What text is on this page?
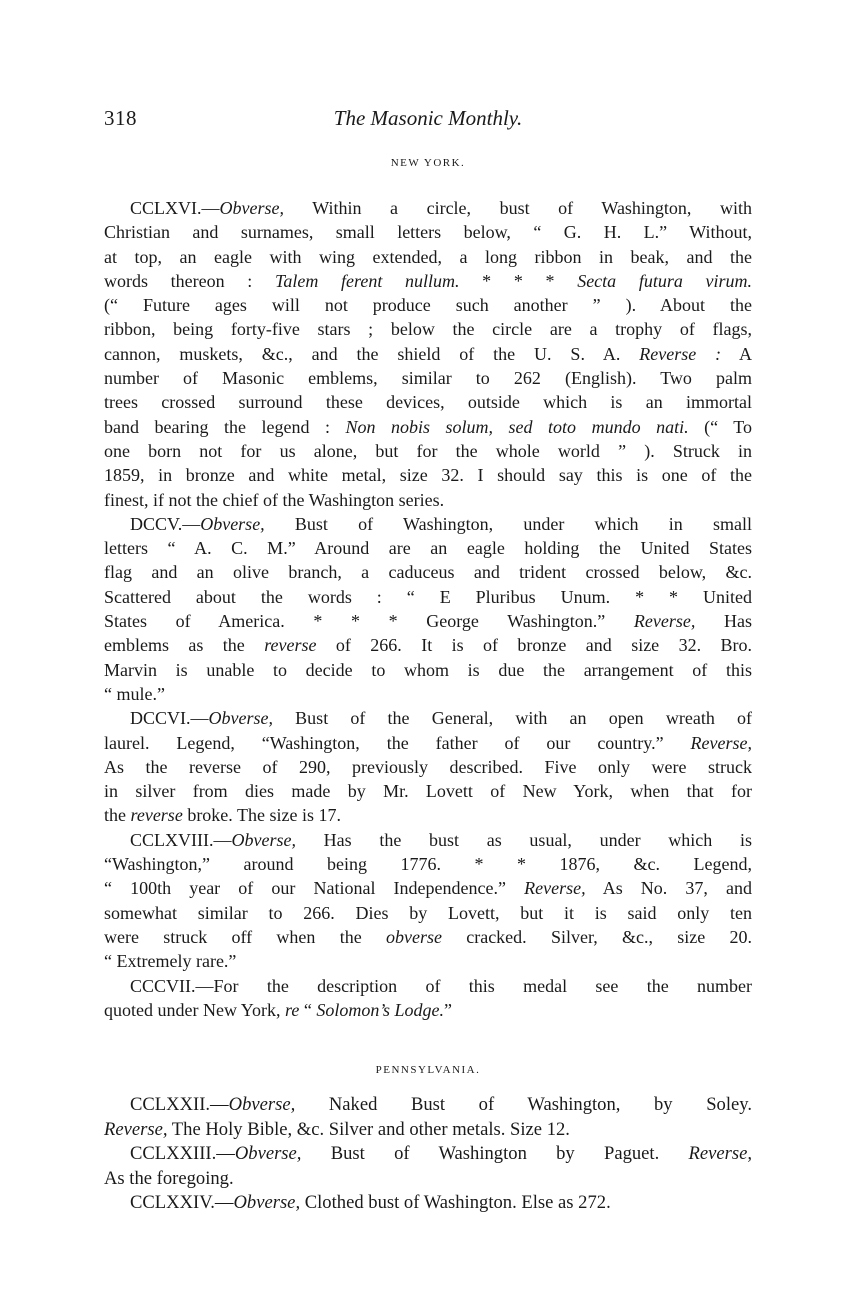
318	The Masonic Monthly.
NEW YORK.
CCLXVI.—Obverse, Within a circle, bust of Washington, with
Christian and surnames, small letters below, “ G. H. L.” Without,
at top, an eagle with wing extended, a long ribbon in beak, and the
words thereon : Talem ferent nullum. * * * Secta futura virum.
(“ Future ages will not produce such another ” ). About the
ribbon, being forty-five stars ; below the circle are a trophy of flags,
cannon, muskets, &c., and the shield of the U. S. A. Reverse : A
number of Masonic emblems, similar to 262 (English). Two palm
trees crossed surround these devices, outside which is an immortal
band bearing the legend : Non nobis solum, sed toto mundo nati. (“ To
one born not for us alone, but for the whole world ” ). Struck in
1859, in bronze and white metal, size 32. I should say this is one of the
finest, if not the chief of the Washington series.
DCCV.—Obverse, Bust of Washington, under which in small
letters “ A. C. M.” Around are an eagle holding the United States
flag and an olive branch, a caduceus and trident crossed below, &c.
Scattered about the words : “ E Pluribus Unum. * * United
States of America. * * * George Washington.” Reverse, Has
emblems as the reverse of 266. It is of bronze and size 32. Bro.
Marvin is unable to decide to whom is due the arrangement of this
“ mule.”
DCCVI.—Obverse, Bust of the General, with an open wreath of
laurel. Legend, “Washington, the father of our country.” Reverse,
As the reverse of 290, previously described. Five only were struck
in silver from dies made by Mr. Lovett of New York, when that for
the reverse broke. The size is 17.
CCLXVIII.—Obverse, Has the bust as usual, under which is
“Washington,” around being 1776. * * 1876, &c. Legend,
“ 100th year of our National Independence.” Reverse, As No. 37, and
somewhat similar to 266. Dies by Lovett, but it is said only ten
were struck off when the obverse cracked. Silver, &c., size 20.
“ Extremely rare.”
CCCVII.—For the description of this medal see the number
quoted under New York, re “ Solomon’s Lodge.”
PENNSYLVANIA.
CCLXXII.—Obverse, Naked Bust of Washington, by Soley.
Reverse, The Holy Bible, &c. Silver and other metals. Size 12.
CCLXXIII.—Obverse, Bust of Washington by Paguet. Reverse,
As the foregoing.
CCLXXIV.—Obverse, Clothed bust of Washington. Else as 272.
